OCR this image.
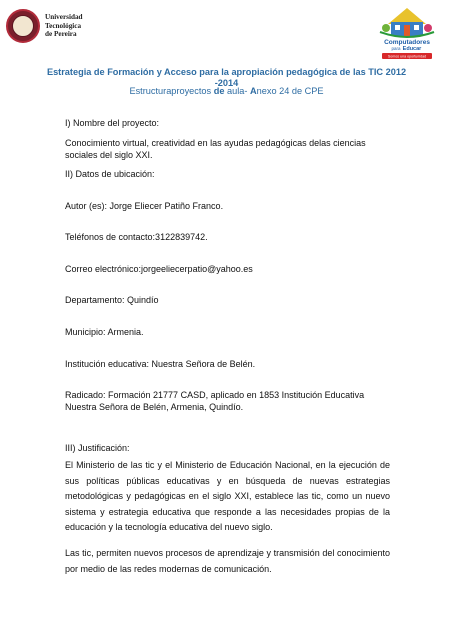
Universidad
Tecnológica
de Pereira
Computadores
para Educar
Somos una oportunidad
Estrategia de Formación y Acceso para la apropiación pedagógica de las TIC 2012 -2014
Estructuraproyectos de aula- Anexo 24 de CPE

I) Nombre del proyecto:

Conocimiento virtual, creatividad en las ayudas pedagógicas delas ciencias sociales del siglo XXI.

II) Datos de ubicación:

Autor (es): Jorge Eliecer Patiño Franco.

Teléfonos de contacto:3122839742.

Correo electrónico:jorgeeliecerpatio@yahoo.es

Departamento: Quindío

Municipio: Armenia.

Institución educativa: Nuestra Señora de Belén.

Radicado: Formación 21777 CASD, aplicado en 1853 Institución Educativa Nuestra Señora de Belén, Armenia, Quindío.

III) Justificación:

El Ministerio de las tic y el Ministerio de Educación Nacional, en la ejecución de sus políticas públicas educativas y en búsqueda de nuevas estrategias metodológicas y pedagógicas en el siglo XXI, establece las tic, como un nuevo sistema y estrategia educativa que responde a las necesidades propias de la educación y la tecnología educativa del nuevo siglo.

Las tic, permiten nuevos procesos de aprendizaje y transmisión del conocimiento por medio de las redes modernas de comunicación.
